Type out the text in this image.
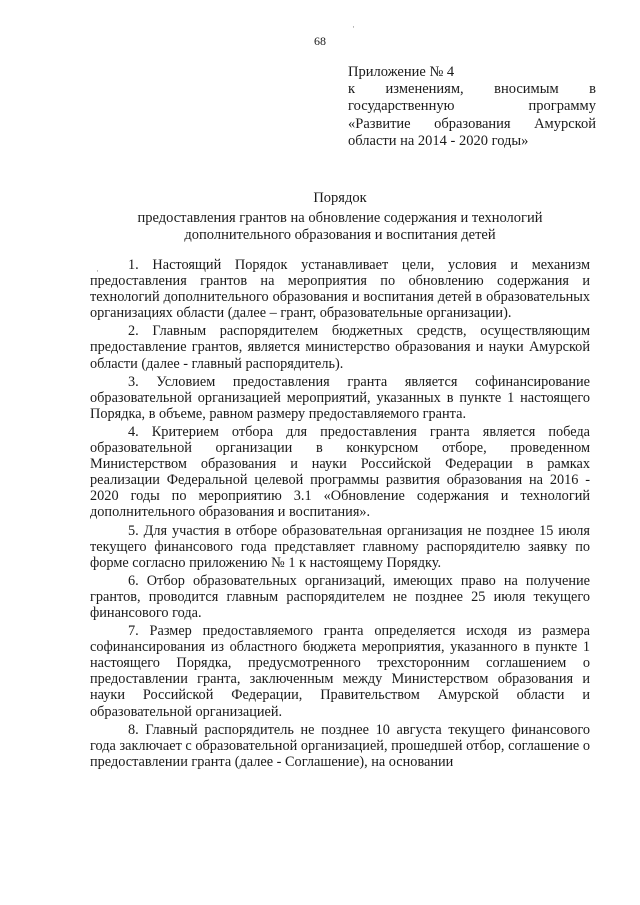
68
Приложение № 4
к изменениям, вносимым в
государственную программу
«Развитие образования Амурской
области на 2014 - 2020 годы»
Порядок
предоставления грантов на обновление содержания и технологий
дополнительного образования и воспитания детей

1. Настоящий Порядок устанавливает цели, условия и механизм предоставления грантов на мероприятия по обновлению содержания и технологий дополнительного образования и воспитания детей в образовательных организациях области (далее – грант, образовательные организации).

2. Главным распорядителем бюджетных средств, осуществляющим предоставление грантов, является министерство образования и науки Амурской области (далее - главный распорядитель).

3. Условием предоставления гранта является софинансирование образовательной организацией мероприятий, указанных в пункте 1 настоящего Порядка, в объеме, равном размеру предоставляемого гранта.

4. Критерием отбора для предоставления гранта является победа образовательной организации в конкурсном отборе, проведенном Министерством образования и науки Российской Федерации в рамках реализации Федеральной целевой программы развития образования на 2016 - 2020 годы по мероприятию 3.1 «Обновление содержания и технологий дополнительного образования и воспитания».

5. Для участия в отборе образовательная организация не позднее 15 июля текущего финансового года представляет главному распорядителю заявку по форме согласно приложению № 1 к настоящему Порядку.

6. Отбор образовательных организаций, имеющих право на получение грантов, проводится главным распорядителем не позднее 25 июля текущего финансового года.

7. Размер предоставляемого гранта определяется исходя из размера софинансирования из областного бюджета мероприятия, указанного в пункте 1 настоящего Порядка, предусмотренного трехсторонним соглашением о предоставлении гранта, заключенным между Министерством образования и науки Российской Федерации, Правительством Амурской области и образовательной организацией.

8. Главный распорядитель не позднее 10 августа текущего финансового года заключает с образовательной организацией, прошедшей отбор, соглашение о предоставлении гранта (далее - Соглашение), на основании

·
·
